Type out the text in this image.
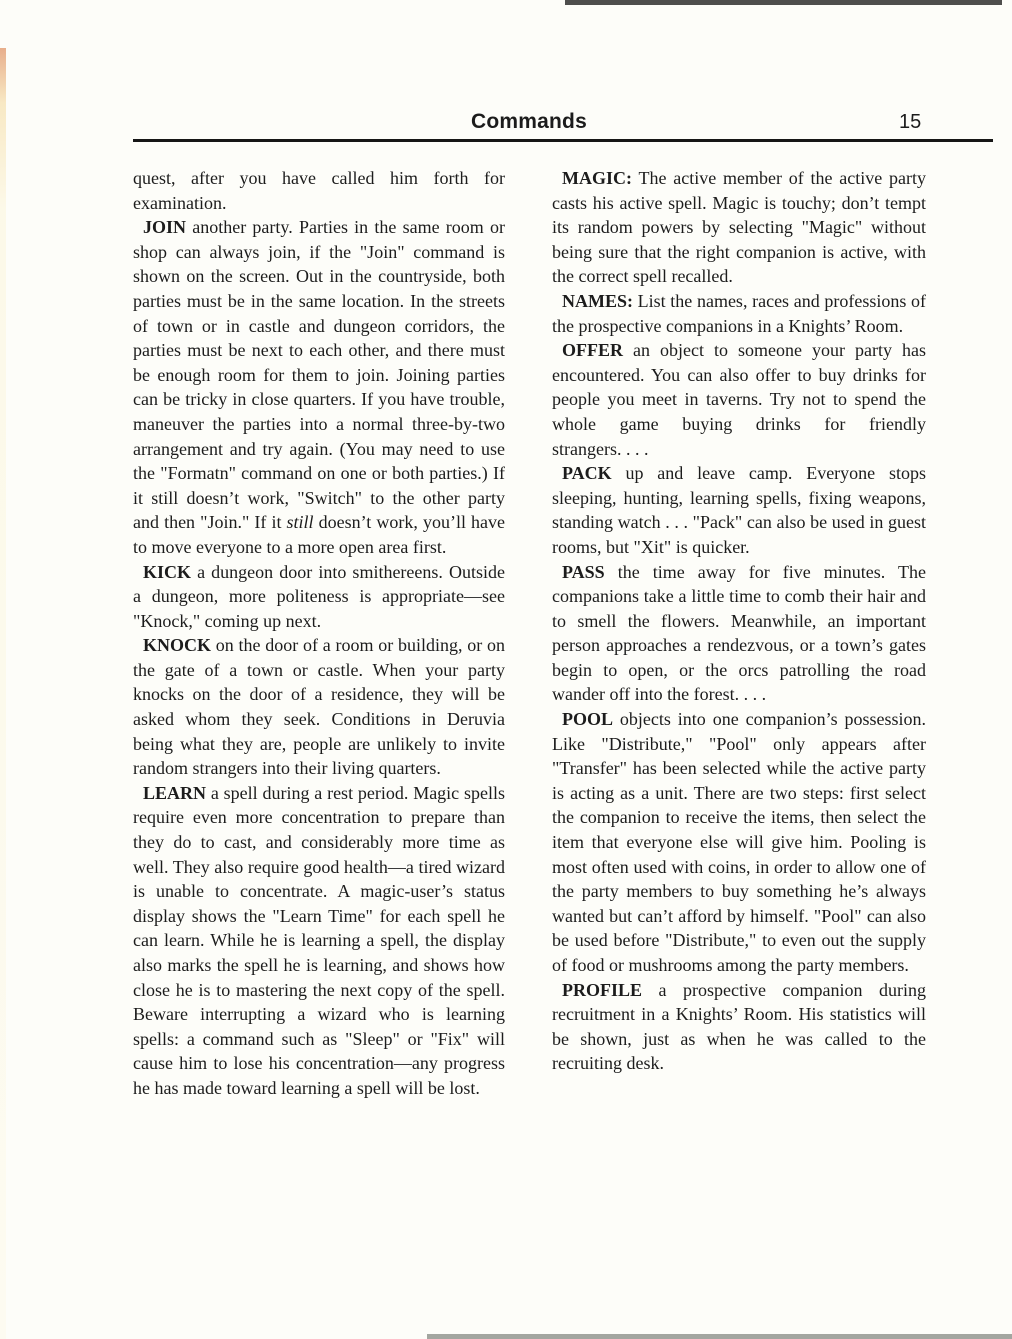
Commands	15

quest, after you have called him forth for examination.

JOIN another party. Parties in the same room or shop can always join, if the "Join" command is shown on the screen. Out in the countryside, both parties must be in the same location. In the streets of town or in castle and dungeon corridors, the parties must be next to each other, and there must be enough room for them to join. Joining parties can be tricky in close quarters. If you have trouble, maneuver the parties into a normal three-by-two arrangement and try again. (You may need to use the "Formatn" command on one or both parties.) If it still doesn’t work, "Switch" to the other party and then "Join." If it still doesn’t work, you’ll have to move everyone to a more open area first.

KICK a dungeon door into smithereens. Outside a dungeon, more politeness is appropriate—see "Knock," coming up next.

KNOCK on the door of a room or building, or on the gate of a town or castle. When your party knocks on the door of a residence, they will be asked whom they seek. Conditions in Deruvia being what they are, people are unlikely to invite random strangers into their living quarters.

LEARN a spell during a rest period. Magic spells require even more concentration to prepare than they do to cast, and considerably more time as well. They also require good health—a tired wizard is unable to concentrate. A magic-user’s status display shows the "Learn Time" for each spell he can learn. While he is learning a spell, the display also marks the spell he is learning, and shows how close he is to mastering the next copy of the spell. Beware interrupting a wizard who is learning spells: a command such as "Sleep" or "Fix" will cause him to lose his concentration—any progress he has made toward learning a spell will be lost.

MAGIC: The active member of the active party casts his active spell. Magic is touchy; don’t tempt its random powers by selecting "Magic" without being sure that the right companion is active, with the correct spell recalled.

NAMES: List the names, races and professions of the prospective companions in a Knights’ Room.

OFFER an object to someone your party has encountered. You can also offer to buy drinks for people you meet in taverns. Try not to spend the whole game buying drinks for friendly strangers. . . .

PACK up and leave camp. Everyone stops sleeping, hunting, learning spells, fixing weapons, standing watch . . . "Pack" can also be used in guest rooms, but "Xit" is quicker.

PASS the time away for five minutes. The companions take a little time to comb their hair and to smell the flowers. Meanwhile, an important person approaches a rendezvous, or a town’s gates begin to open, or the orcs patrolling the road wander off into the forest. . . .

POOL objects into one companion’s possession. Like "Distribute," "Pool" only appears after "Transfer" has been selected while the active party is acting as a unit. There are two steps: first select the companion to receive the items, then select the item that everyone else will give him. Pooling is most often used with coins, in order to allow one of the party members to buy something he’s always wanted but can’t afford by himself. "Pool" can also be used before "Distribute," to even out the supply of food or mushrooms among the party members.

PROFILE a prospective companion during recruitment in a Knights’ Room. His statistics will be shown, just as when he was called to the recruiting desk.
